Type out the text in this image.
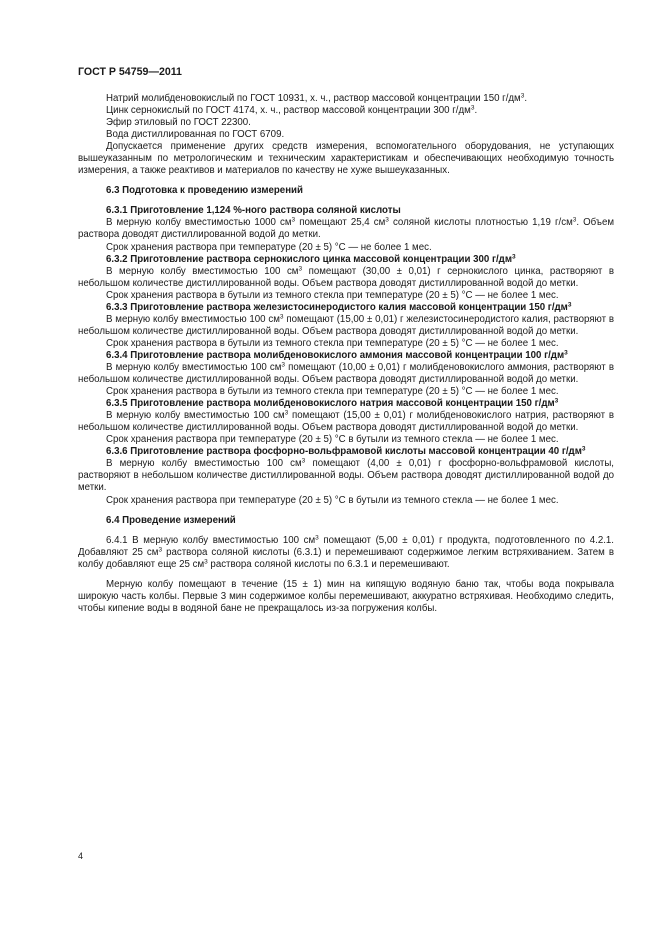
ГОСТ Р 54759—2011

Натрий молибденовокислый по ГОСТ 10931, х. ч., раствор массовой концентрации 150 $г/дм^3$.

Цинк сернокислый по ГОСТ 4174, х. ч., раствор массовой концентрации 300 $г/дм^3$.

Эфир этиловый по ГОСТ 22300.

Вода дистиллированная по ГОСТ 6709.

Допускается применение других средств измерения, вспомогательного оборудования, не уступающих вышеуказанным по метрологическим и техническим характеристикам и обеспечивающих необходимую точность измерения, а также реактивов и материалов по качеству не хуже вышеуказанных.

6.3 Подготовка к проведению измерений

6.3.1 Приготовление 1,124 %-ного раствора соляной кислоты

В мерную колбу вместимостью 1000 $см^3$ помещают 25,4 $см^3$ соляной кислоты плотностью 1,19 $г/см^3$. Объем раствора доводят дистиллированной водой до метки.

Срок хранения раствора при температуре (20 ± 5) °С — не более 1 мес.

6.3.2 Приготовление раствора сернокислого цинка массовой концентрации 300 $г/дм^3$

В мерную колбу вместимостью 100 $см^3$ помещают (30,00 ± 0,01) г сернокислого цинка, растворяют в небольшом количестве дистиллированной воды. Объем раствора доводят дистиллированной водой до метки.

Срок хранения раствора в бутыли из темного стекла при температуре (20 ± 5) °С — не более 1 мес.

6.3.3 Приготовление раствора железистосинеродистого калия массовой концентрации 150 $г/дм^3$

В мерную колбу вместимостью 100 $см^3$ помещают (15,00 ± 0,01) г железистосинеродистого калия, растворяют в небольшом количестве дистиллированной воды. Объем раствора доводят дистиллированной водой до метки.

Срок хранения раствора в бутыли из темного стекла при температуре (20 ± 5) °С — не более 1 мес.

6.3.4 Приготовление раствора молибденовокислого аммония массовой концентрации 100 $г/дм^3$

В мерную колбу вместимостью 100 $см^3$ помещают (10,00 ± 0,01) г молибденовокислого аммония, растворяют в небольшом количестве дистиллированной воды. Объем раствора доводят дистиллированной водой до метки.

Срок хранения раствора в бутыли из темного стекла при температуре (20 ± 5) °С — не более 1 мес.

6.3.5 Приготовление раствора молибденовокислого натрия массовой концентрации 150 $г/дм^3$

В мерную колбу вместимостью 100 $см^3$ помещают (15,00 ± 0,01) г молибденовокислого натрия, растворяют в небольшом количестве дистиллированной воды. Объем раствора доводят дистиллированной водой до метки.

Срок хранения раствора при температуре (20 ± 5) °С в бутыли из темного стекла — не более 1 мес.

6.3.6 Приготовление раствора фосфорно-вольфрамовой кислоты массовой концентрации 40 $г/дм^3$

В мерную колбу вместимостью 100 $см^3$ помещают (4,00 ± 0,01) г фосфорно-вольфрамовой кислоты, растворяют в небольшом количестве дистиллированной воды. Объем раствора доводят дистиллированной водой до метки.

Срок хранения раствора при температуре (20 ± 5) °С в бутыли из темного стекла — не более 1 мес.

6.4 Проведение измерений

6.4.1 В мерную колбу вместимостью 100 $см^3$ помещают (5,00 ± 0,01) г продукта, подготовленного по 4.2.1. Добавляют 25 $см^3$ раствора соляной кислоты (6.3.1) и перемешивают содержимое легким встряхиванием. Затем в колбу добавляют еще 25 $см^3$ раствора соляной кислоты по 6.3.1 и перемешивают.

Мерную колбу помещают в течение (15 ± 1) мин на кипящую водяную баню так, чтобы вода покрывала широкую часть колбы. Первые 3 мин содержимое колбы перемешивают, аккуратно встряхивая. Необходимо следить, чтобы кипение воды в водяной бане не прекращалось из-за погружения колбы.

4
